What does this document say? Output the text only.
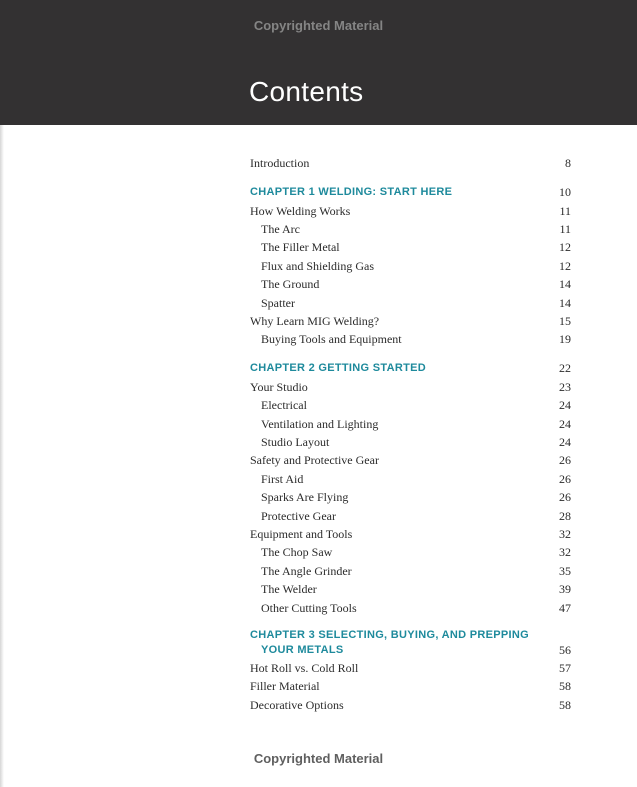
Copyrighted Material
Contents
Introduction	8
CHAPTER 1 WELDING: START HERE	10
How Welding Works	11
The Arc	11
The Filler Metal	12
Flux and Shielding Gas	12
The Ground	14
Spatter	14
Why Learn MIG Welding?	15
Buying Tools and Equipment	19
CHAPTER 2 GETTING STARTED	22
Your Studio	23
Electrical	24
Ventilation and Lighting	24
Studio Layout	24
Safety and Protective Gear	26
First Aid	26
Sparks Are Flying	26
Protective Gear	28
Equipment and Tools	32
The Chop Saw	32
The Angle Grinder	35
The Welder	39
Other Cutting Tools	47
CHAPTER 3 SELECTING, BUYING, AND PREPPING
YOUR METALS	56
Hot Roll vs. Cold Roll	57
Filler Material	58
Decorative Options	58
Copyrighted Material
